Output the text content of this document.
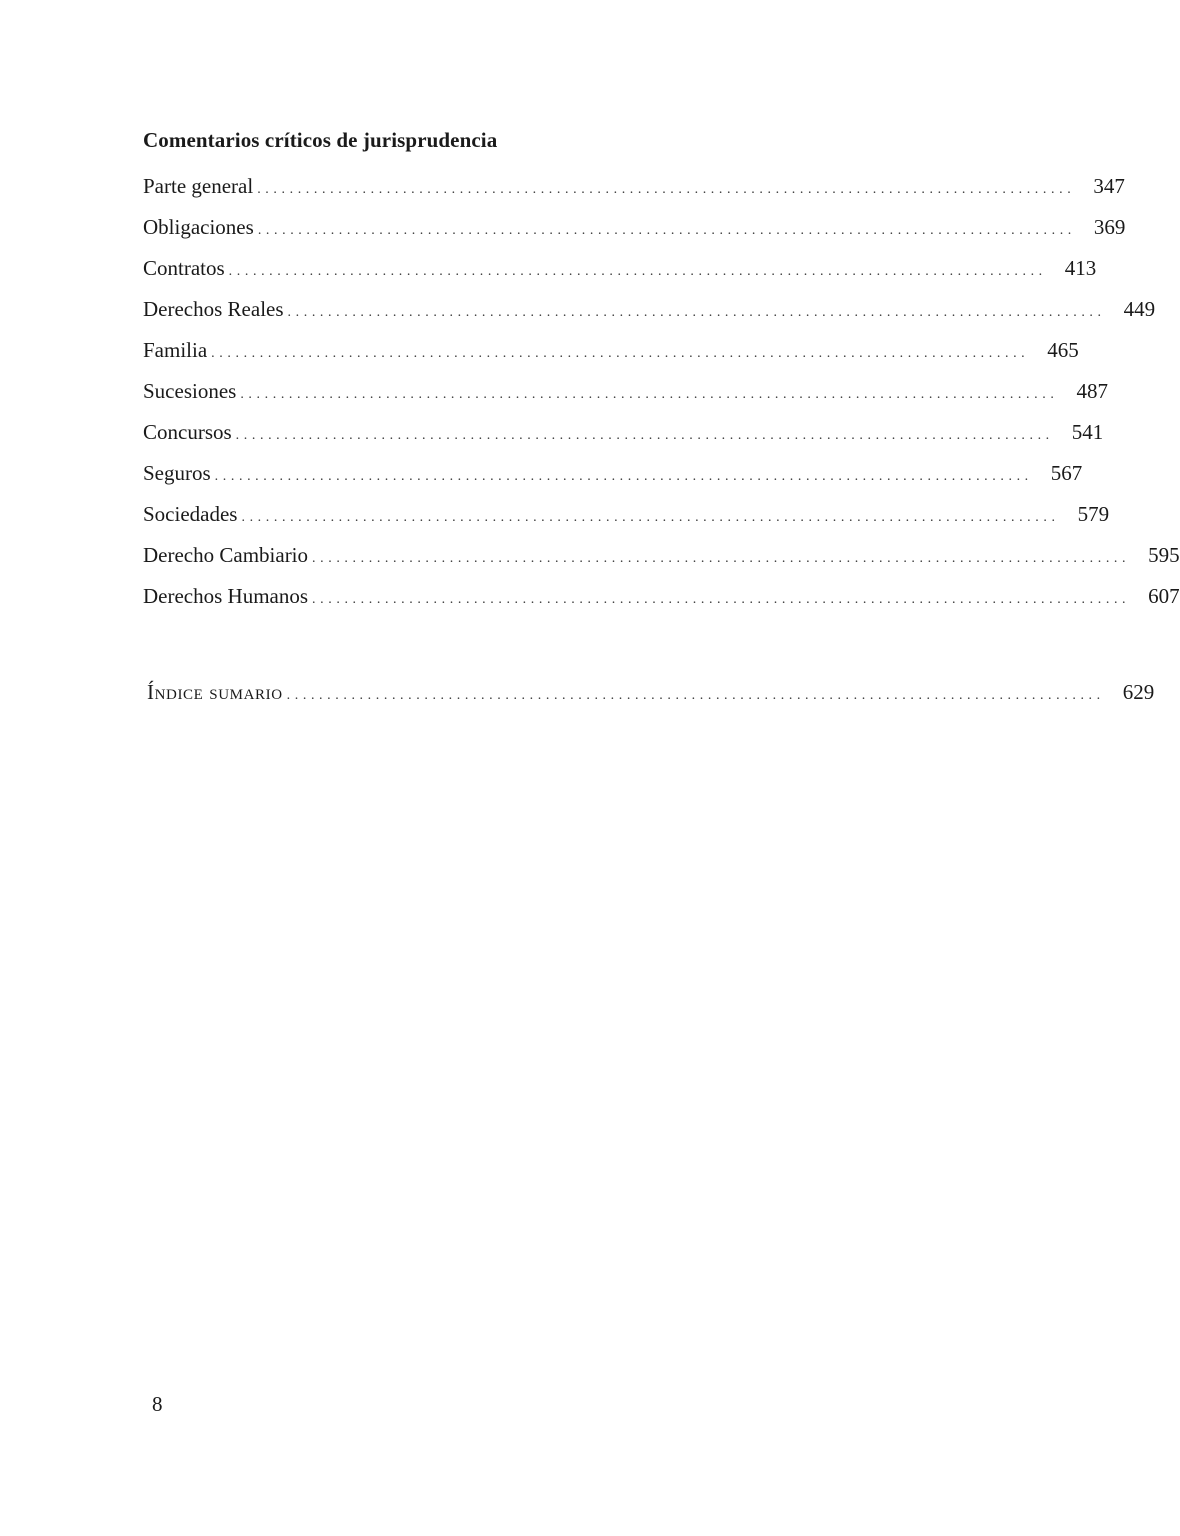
Comentarios críticos de jurisprudencia
Parte general ..................................................................................................... 347
Obligaciones ..................................................................................................... 369
Contratos ..................................................................................................... 413
Derechos Reales ..................................................................................................... 449
Familia ..................................................................................................... 465
Sucesiones ..................................................................................................... 487
Concursos ..................................................................................................... 541
Seguros ..................................................................................................... 567
Sociedades ..................................................................................................... 579
Derecho Cambiario ..................................................................................................... 595
Derechos Humanos ..................................................................................................... 607
Índice sumario ..................................................................................................... 629
8
